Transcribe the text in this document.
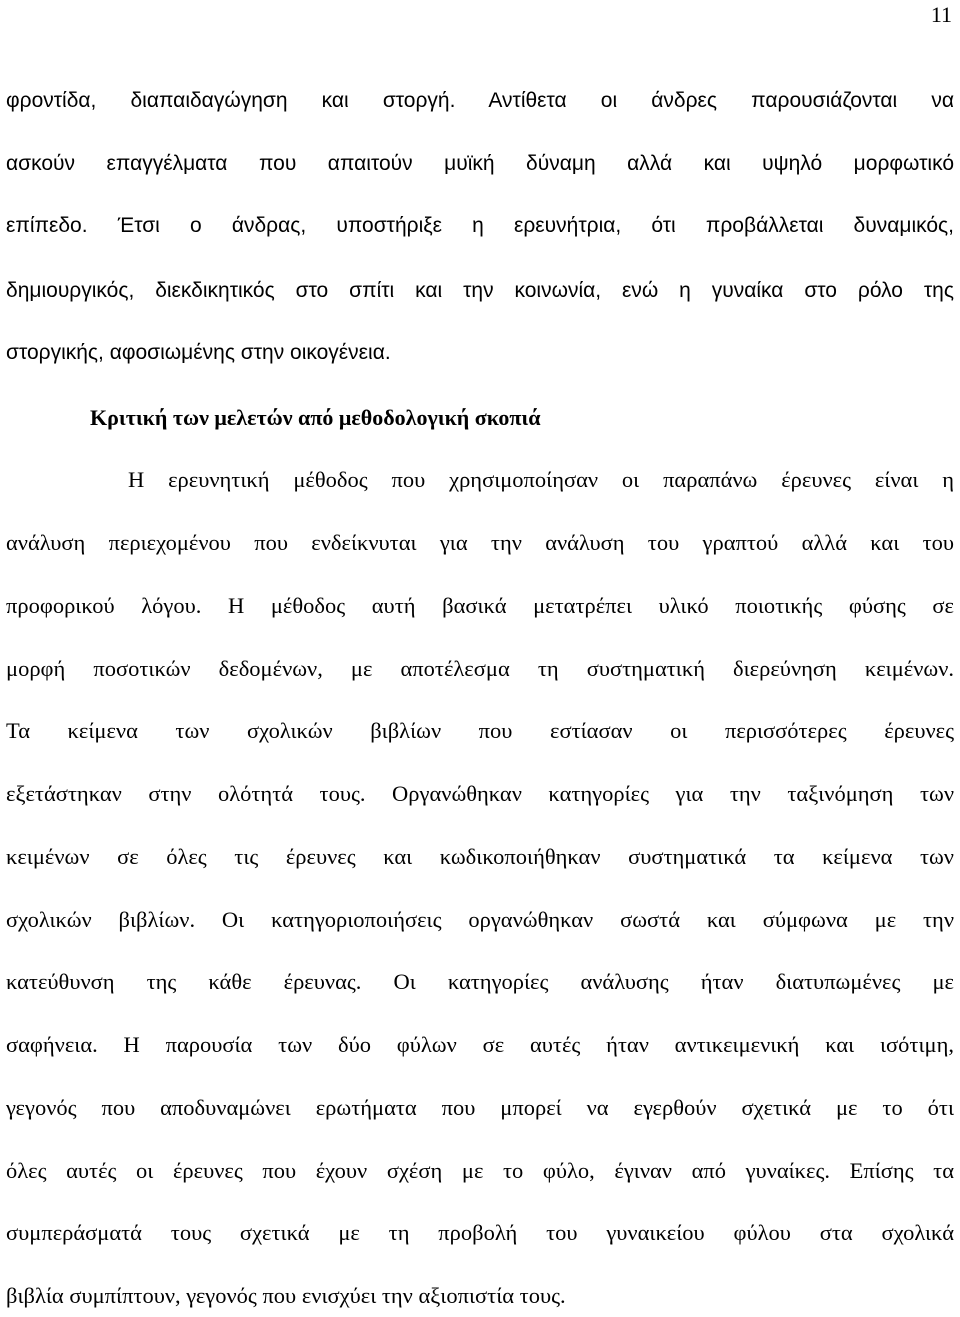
11
φροντίδα, διαπαιδαγώγηση και στοργή. Αντίθετα οι άνδρες παρουσιάζονται να
ασκούν επαγγέλματα που απαιτούν μυϊκή δύναμη αλλά και υψηλό μορφωτικό
επίπεδο. Έτσι ο άνδρας, υποστήριξε η ερευνήτρια, ότι προβάλλεται δυναμικός,
δημιουργικός, διεκδικητικός στο σπίτι και την κοινωνία, ενώ η γυναίκα στο ρόλο της
στοργικής, αφοσιωμένης στην οικογένεια.
Κριτική των μελετών από μεθοδολογική σκοπιά
Η ερευνητική μέθοδος που χρησιμοποίησαν οι παραπάνω έρευνες είναι η
ανάλυση περιεχομένου που ενδείκνυται για την ανάλυση του γραπτού αλλά και του
προφορικού λόγου. Η μέθοδος αυτή βασικά μετατρέπει υλικό ποιοτικής φύσης σε
μορφή ποσοτικών δεδομένων, με αποτέλεσμα τη συστηματική διερεύνηση κειμένων.
Τα κείμενα των σχολικών βιβλίων που εστίασαν οι περισσότερες έρευνες
εξετάστηκαν στην ολότητά τους. Οργανώθηκαν κατηγορίες για την ταξινόμηση των
κειμένων σε όλες τις έρευνες και κωδικοποιήθηκαν συστηματικά τα κείμενα των
σχολικών βιβλίων. Οι κατηγοριοποιήσεις οργανώθηκαν σωστά και σύμφωνα με την
κατεύθυνση της κάθε έρευνας. Οι κατηγορίες ανάλυσης ήταν διατυπωμένες με
σαφήνεια. Η παρουσία των δύο φύλων σε αυτές ήταν αντικειμενική και ισότιμη,
γεγονός που αποδυναμώνει ερωτήματα που μπορεί να εγερθούν σχετικά με το ότι
όλες αυτές οι έρευνες που έχουν σχέση με το φύλο, έγιναν από γυναίκες. Επίσης τα
συμπεράσματά τους σχετικά με τη προβολή του γυναικείου φύλου στα σχολικά
βιβλία συμπίπτουν, γεγονός που ενισχύει την αξιοπιστία τους.
